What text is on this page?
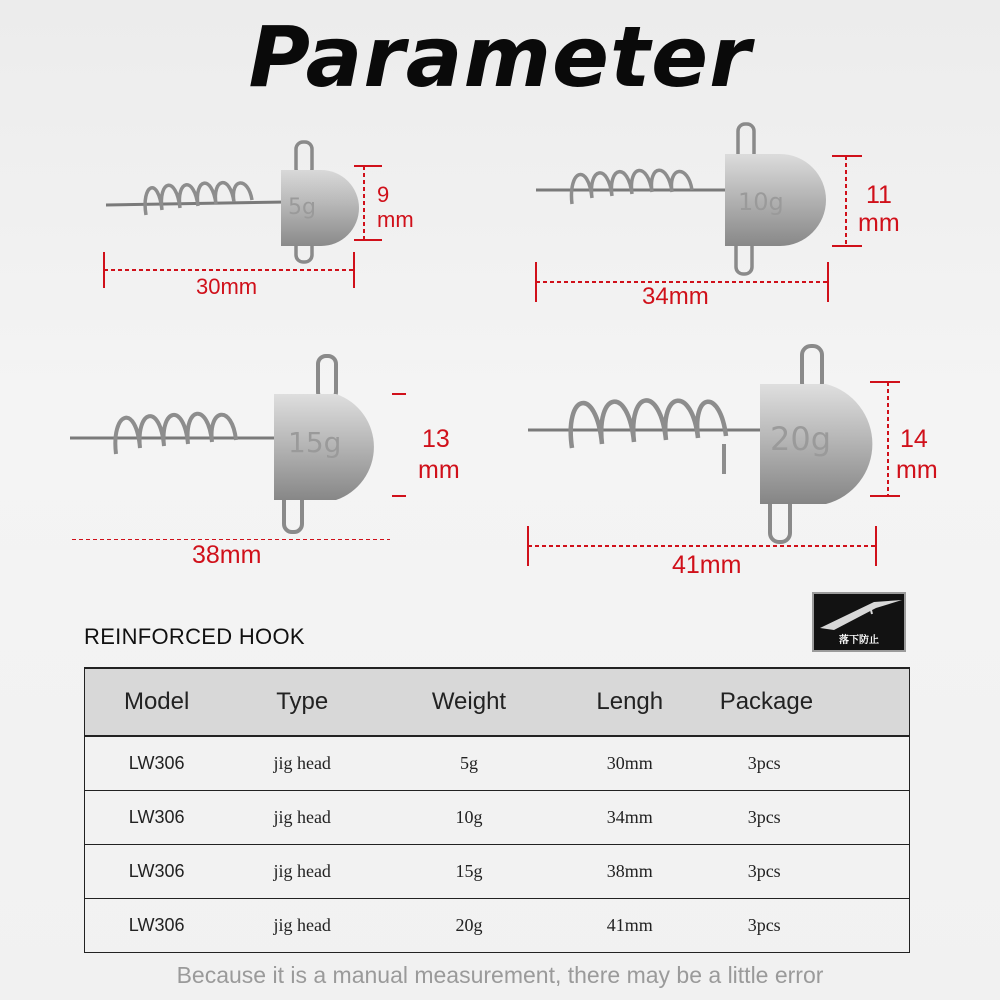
Parameter
5g
9
mm
30mm
10g	11
mm
34mm
15g	13
mm
38mm
20g	14
mm
41mm
REINFORCED HOOK	落下防止
Model	Type	Weight	Lengh	Package
LW306	jig head	5g	30mm	3pcs
LW306	jig head	10g	34mm	3pcs
LW306	jig head	15g	38mm	3pcs
LW306	jig head	20g	41mm	3pcs
Because it is a manual measurement, there may be a little error
